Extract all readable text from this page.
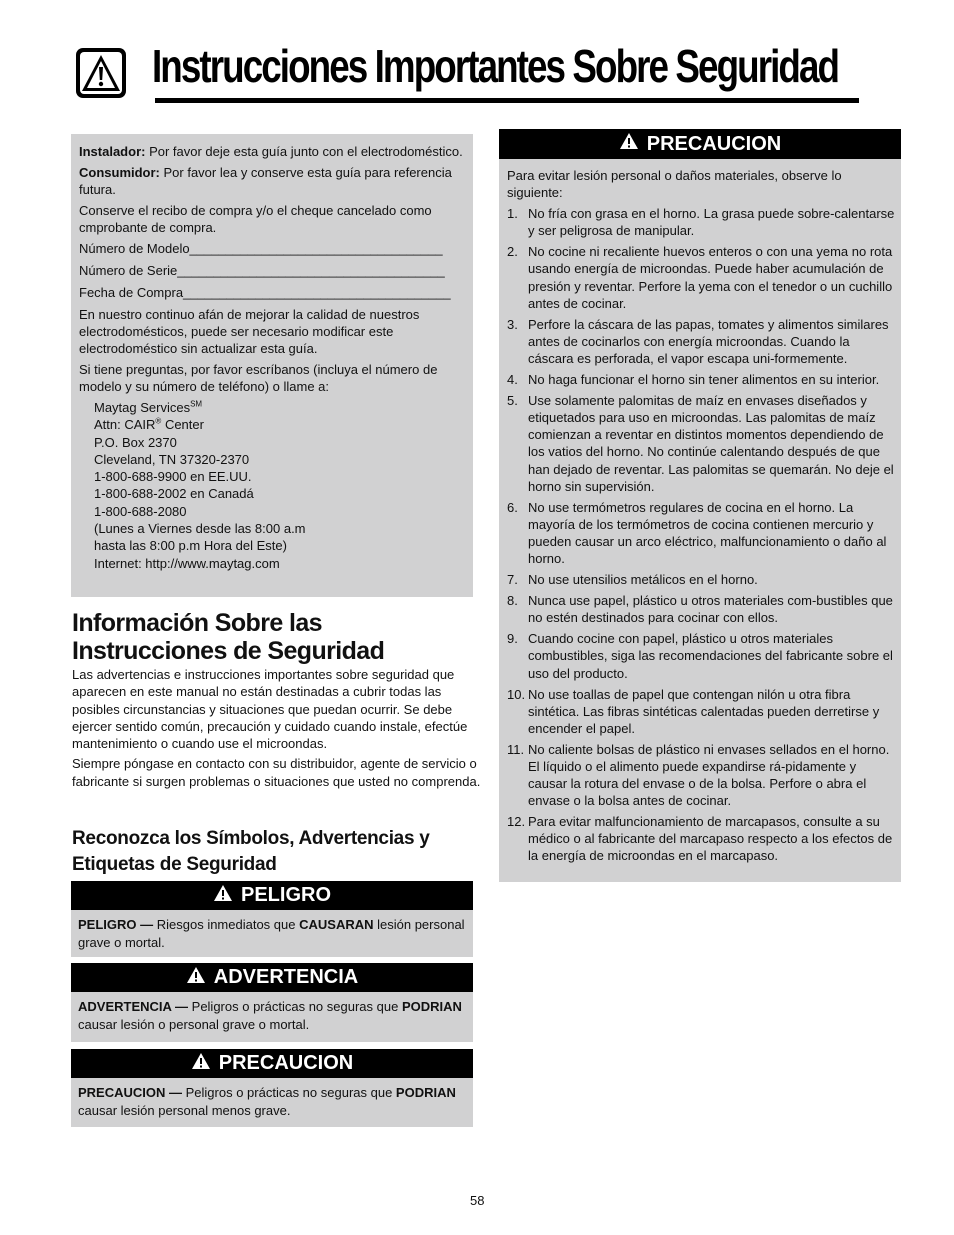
Instrucciones Importantes Sobre Seguridad

Instalador: Por favor deje esta guía junto con el electrodoméstico.

Consumidor: Por favor lea y conserve esta guía para referencia futura.

Conserve el recibo de compra y/o el cheque cancelado como cmprobante de compra.

Número de Modelo___________________________________
Número de Serie_____________________________________
Fecha de Compra_____________________________________

En nuestro continuo afán de mejorar la calidad de nuestros electrodomésticos, puede ser necesario modificar este electrodoméstico sin actualizar esta guía.

Si tiene preguntas, por favor escríbanos (incluya el número de modelo y su número de teléfono) o llame a:

Maytag Services℠
Attn: CAIR® Center
P.O. Box 2370
Cleveland, TN 37320-2370
1-800-688-9900 en EE.UU.
1-800-688-2002 en Canadá
1-800-688-2080
(Lunes a Viernes desde las 8:00 a.m
hasta las 8:00 p.m Hora del Este)
Internet: http://www.maytag.com
Información Sobre las
Instrucciones de Seguridad

Las advertencias e instrucciones importantes sobre seguridad que aparecen en este manual no están destinadas a cubrir todas las posibles circunstancias y situaciones que puedan ocurrir. Se debe ejercer sentido común, precaución y cuidado cuando instale, efectúe mantenimiento o cuando use el microondas.

Siempre póngase en contacto con su distribuidor, agente de servicio o fabricante si surgen problemas o situaciones que usted no comprenda.

Reconozca los Símbolos, Advertencias y Etiquetas de Seguridad
PELIGRO
PELIGRO — Riesgos inmediatos que CAUSARAN lesión personal grave o mortal.
ADVERTENCIA
ADVERTENCIA — Peligros o prácticas no seguras que PODRIAN causar lesión o personal grave o mortal.
PRECAUCION
PRECAUCION — Peligros o prácticas no seguras que PODRIAN causar lesión personal menos grave.
PRECAUCION

Para evitar lesión personal o daños materiales, observe lo siguiente:

1. No fría con grasa en el horno. La grasa puede sobre-calentarse y ser peligrosa de manipular.
2. No cocine ni recaliente huevos enteros o con una yema no rota usando energía de microondas. Puede haber acumulación de presión y reventar. Perfore la yema con el tenedor o un cuchillo antes de cocinar.
3. Perfore la cáscara de las papas, tomates y alimentos similares antes de cocinarlos con energía microondas. Cuando la cáscara es perforada, el vapor escapa uni-formemente.
4. No haga funcionar el horno sin tener alimentos en su interior.
5. Use solamente palomitas de maíz en envases diseñados y etiquetados para uso en microondas. Las palomitas de maíz comienzan a reventar en distintos momentos dependiendo de los vatios del horno. No continúe calentando después de que han dejado de reventar. Las palomitas se quemarán. No deje el horno sin supervisión.
6. No use termómetros regulares de cocina en el horno. La mayoría de los termómetros de cocina contienen mercurio y pueden causar un arco eléctrico, malfuncionamiento o daño al horno.
7. No use utensilios metálicos en el horno.
8. Nunca use papel, plástico u otros materiales com-bustibles que no estén destinados para cocinar con ellos.
9. Cuando cocine con papel, plástico u otros materiales combustibles, siga las recomendaciones del fabricante sobre el uso del producto.
10. No use toallas de papel que contengan nilón u otra fibra sintética. Las fibras sintéticas calentadas pueden derretirse y encender el papel.
11. No caliente bolsas de plástico ni envases sellados en el horno. El líquido o el alimento puede expandirse rá-pidamente y causar la rotura del envase o de la bolsa. Perfore o abra el envase o la bolsa antes de cocinar.
12. Para evitar malfuncionamiento de marcapasos, consulte a su médico o al fabricante del marcapaso respecto a los efectos de la energía de microondas en el marcapaso.
58
